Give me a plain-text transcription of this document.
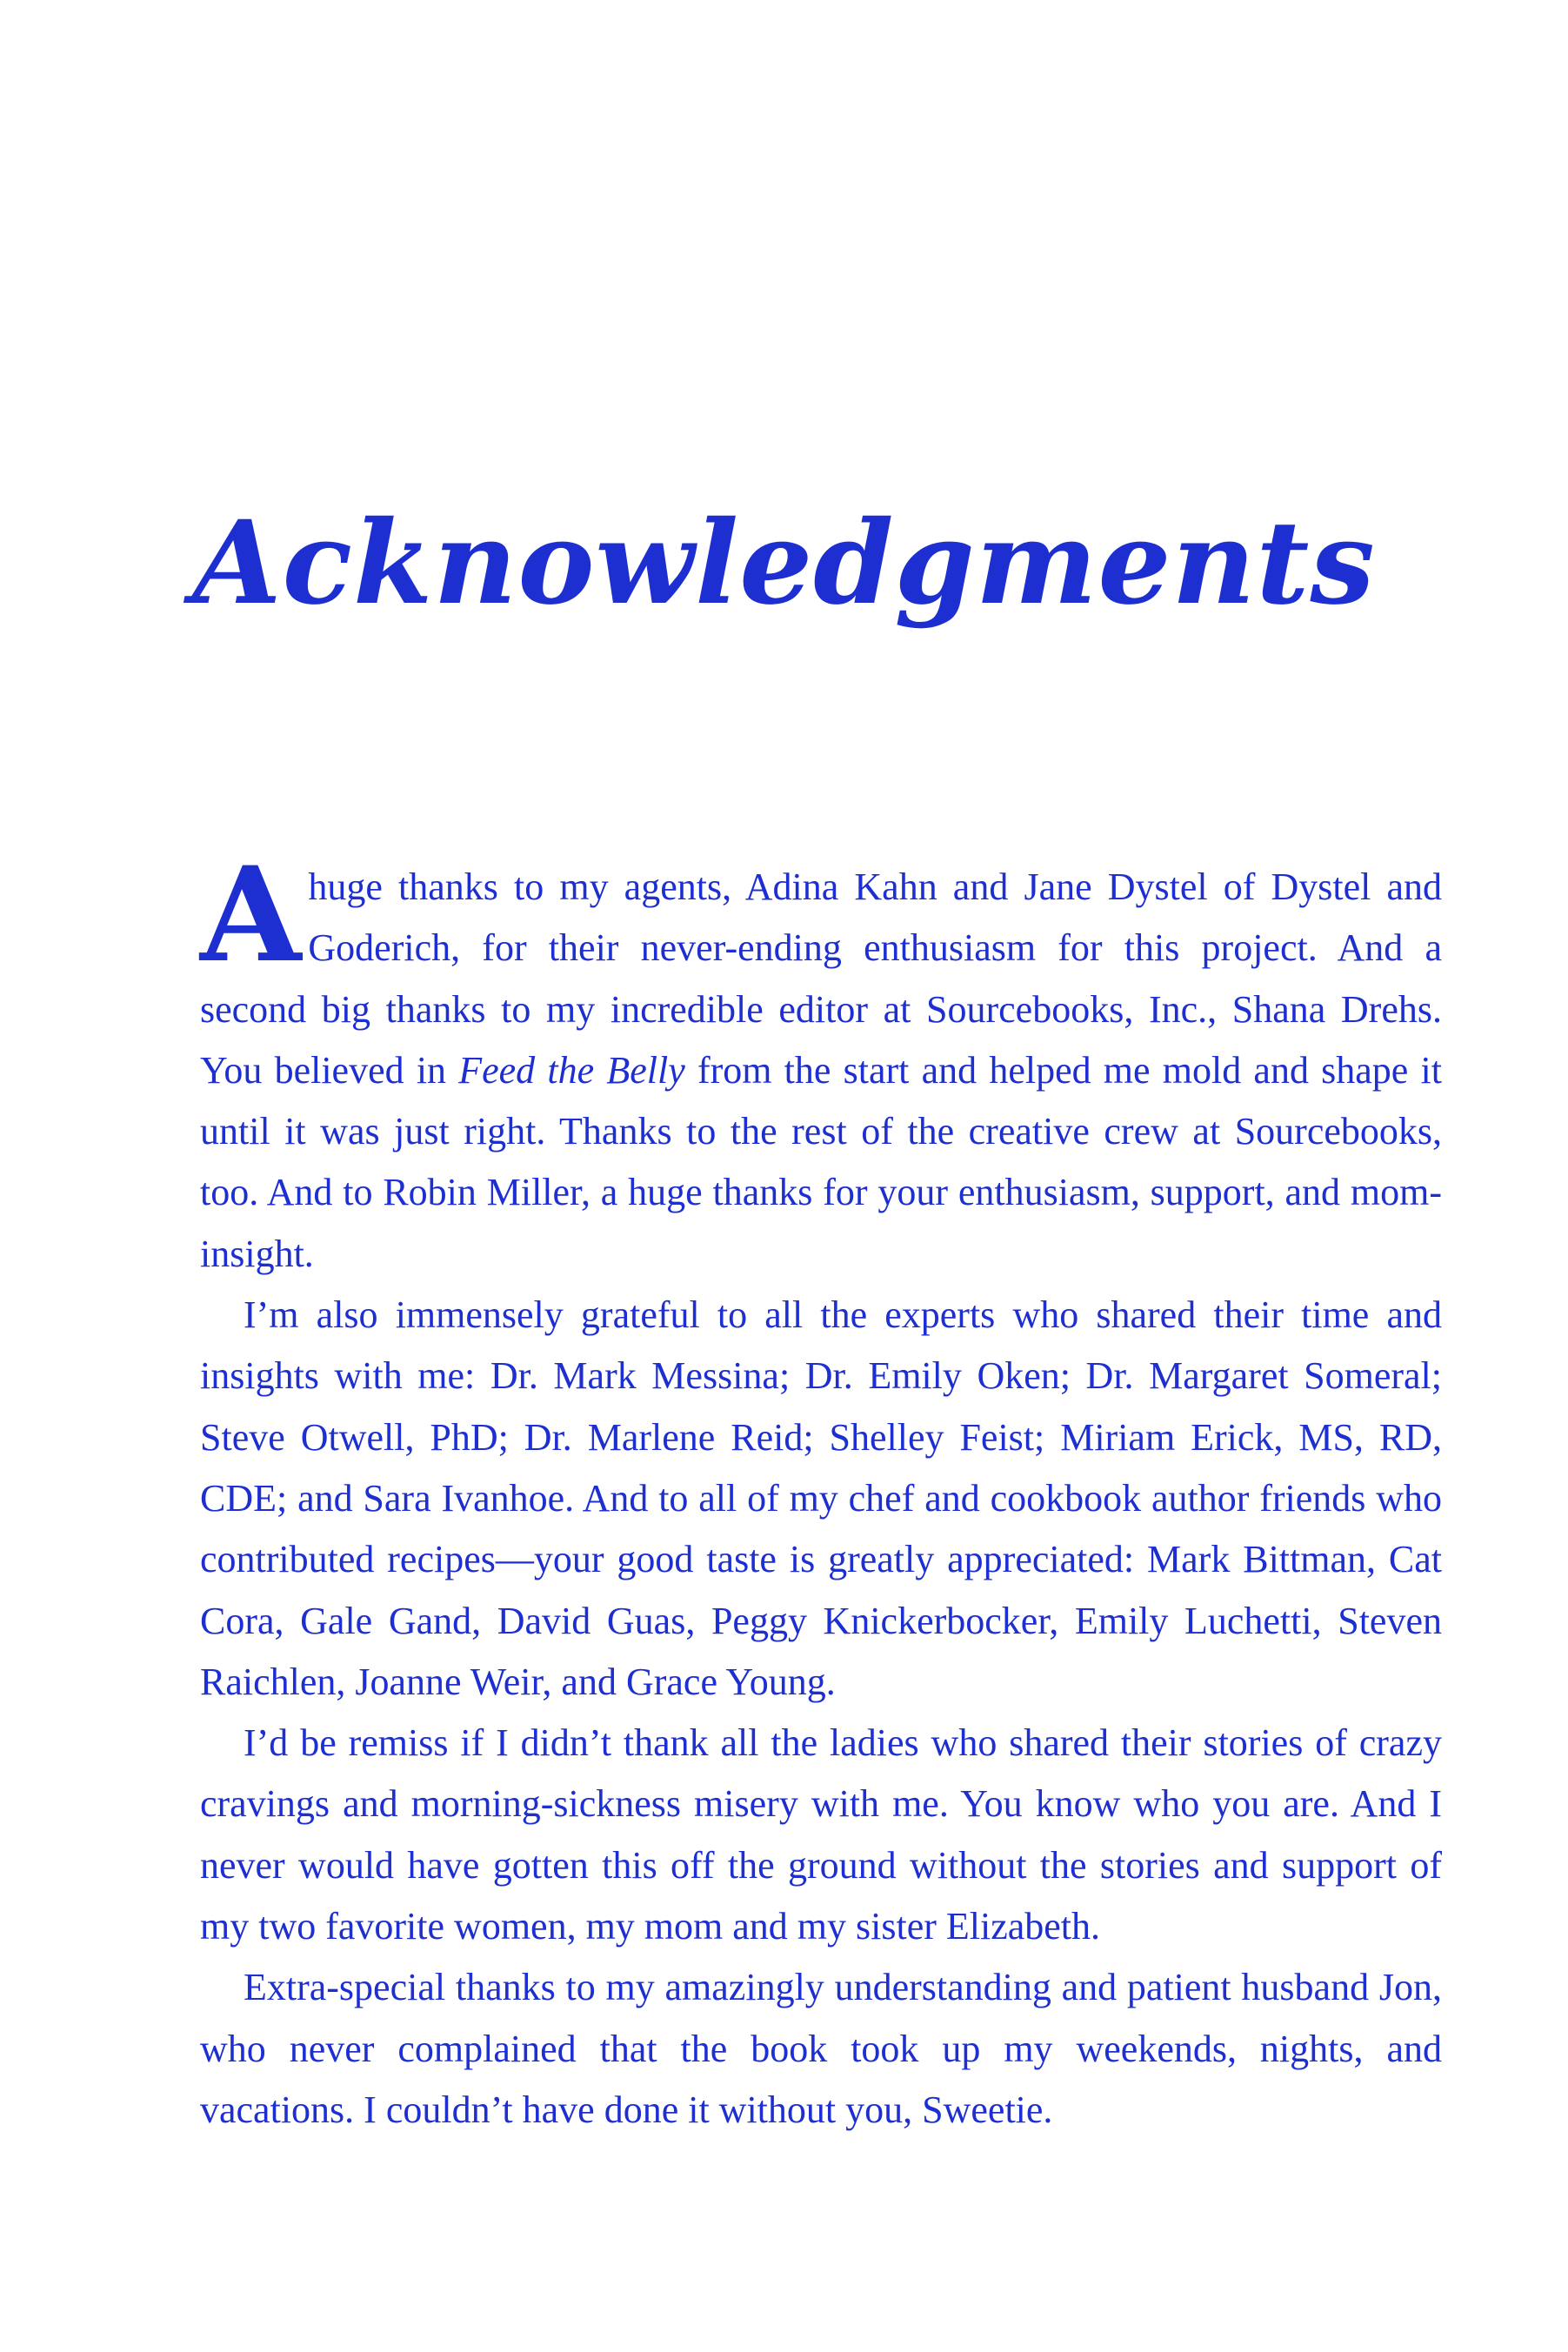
Acknowledgments

A huge thanks to my agents, Adina Kahn and Jane Dystel of Dystel and Goderich, for their never-ending enthusiasm for this project. And a second big thanks to my incredible editor at Sourcebooks, Inc., Shana Drehs. You believed in Feed the Belly from the start and helped me mold and shape it until it was just right. Thanks to the rest of the creative crew at Sourcebooks, too. And to Robin Miller, a huge thanks for your enthusiasm, support, and mom-insight.

I’m also immensely grateful to all the experts who shared their time and insights with me: Dr. Mark Messina; Dr. Emily Oken; Dr. Margaret Someral; Steve Otwell, PhD; Dr. Marlene Reid; Shelley Feist; Miriam Erick, MS, RD, CDE; and Sara Ivanhoe. And to all of my chef and cookbook author friends who contributed recipes—your good taste is greatly appreciated: Mark Bittman, Cat Cora, Gale Gand, David Guas, Peggy Knickerbocker, Emily Luchetti, Steven Raichlen, Joanne Weir, and Grace Young.

I’d be remiss if I didn’t thank all the ladies who shared their stories of crazy cravings and morning-sickness misery with me. You know who you are. And I never would have gotten this off the ground without the stories and support of my two favorite women, my mom and my sister Elizabeth.

Extra-special thanks to my amazingly understanding and patient husband Jon, who never complained that the book took up my weekends, nights, and vacations. I couldn’t have done it without you, Sweetie.
